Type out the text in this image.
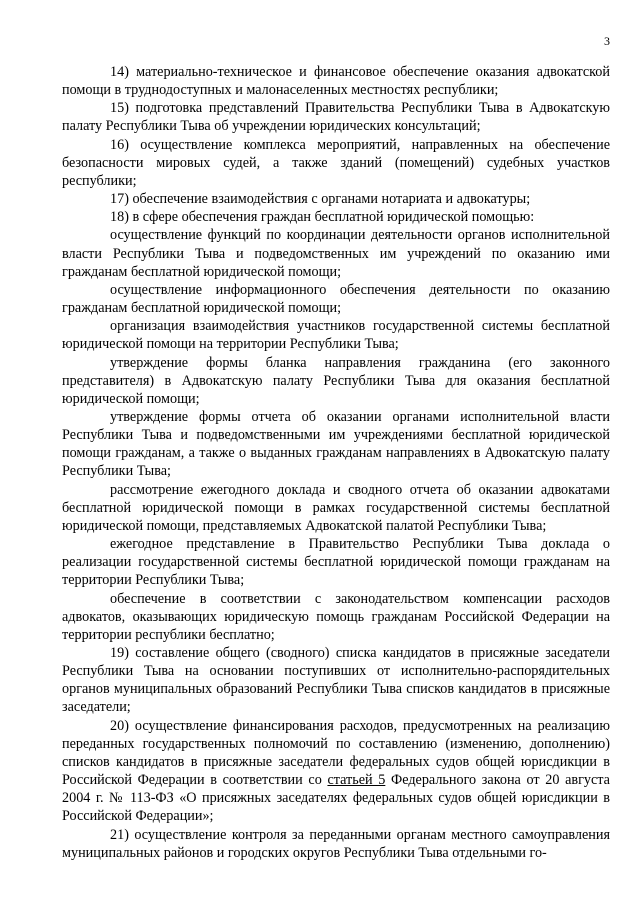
3

14) материально-техническое и финансовое обеспечение оказания адвокатской помощи в труднодоступных и малонаселенных местностях республики;

15) подготовка представлений Правительства Республики Тыва в Адвокатскую палату Республики Тыва об учреждении юридических консультаций;

16) осуществление комплекса мероприятий, направленных на обеспечение безопасности мировых судей, а также зданий (помещений) судебных участков республики;

17) обеспечение взаимодействия с органами нотариата и адвокатуры;

18) в сфере обеспечения граждан бесплатной юридической помощью:

осуществление функций по координации деятельности органов исполнительной власти Республики Тыва и подведомственных им учреждений по оказанию ими гражданам бесплатной юридической помощи;

осуществление информационного обеспечения деятельности по оказанию гражданам бесплатной юридической помощи;

организация взаимодействия участников государственной системы бесплатной юридической помощи на территории Республики Тыва;

утверждение формы бланка направления гражданина (его законного представителя) в Адвокатскую палату Республики Тыва для оказания бесплатной юридической помощи;

утверждение формы отчета об оказании органами исполнительной власти Республики Тыва и подведомственными им учреждениями бесплатной юридической помощи гражданам, а также о выданных гражданам направлениях в Адвокатскую палату Республики Тыва;

рассмотрение ежегодного доклада и сводного отчета об оказании адвокатами бесплатной юридической помощи в рамках государственной системы бесплатной юридической помощи, представляемых Адвокатской палатой Республики Тыва;

ежегодное представление в Правительство Республики Тыва доклада о реализации государственной системы бесплатной юридической помощи гражданам на территории Республики Тыва;

обеспечение в соответствии с законодательством компенсации расходов адвокатов, оказывающих юридическую помощь гражданам Российской Федерации на территории республики бесплатно;

19) составление общего (сводного) списка кандидатов в присяжные заседатели Республики Тыва на основании поступивших от исполнительно-распорядительных органов муниципальных образований Республики Тыва списков кандидатов в присяжные заседатели;

20) осуществление финансирования расходов, предусмотренных на реализацию переданных государственных полномочий по составлению (изменению, дополнению) списков кандидатов в присяжные заседатели федеральных судов общей юрисдикции в Российской Федерации в соответствии со статьей 5 Федерального закона от 20 августа 2004 г. № 113-ФЗ «О присяжных заседателях федеральных судов общей юрисдикции в Российской Федерации»;

21) осуществление контроля за переданными органам местного самоуправления муниципальных районов и городских округов Республики Тыва отдельными го-
